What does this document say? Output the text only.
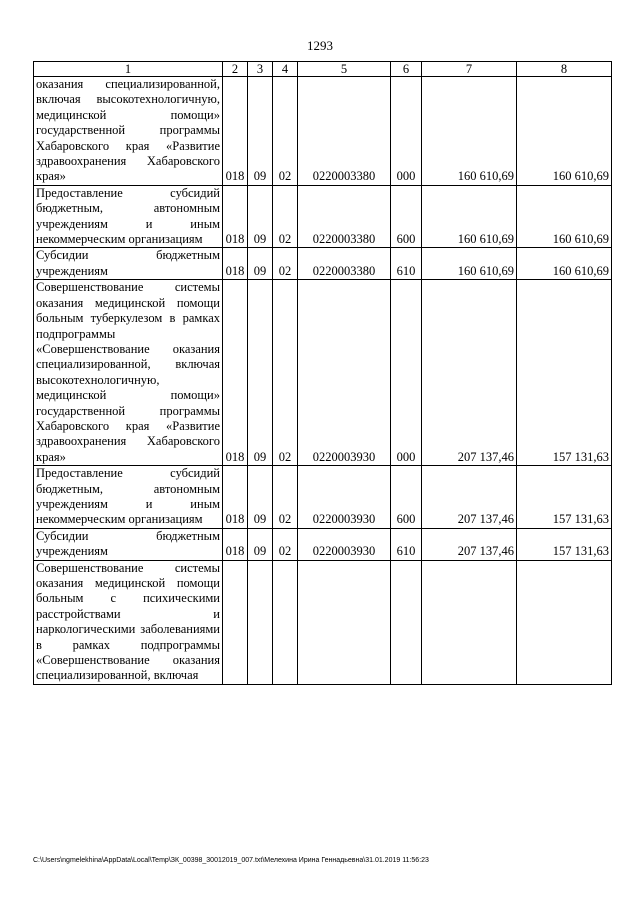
1293
1	2	3	4	5	6	7	8
оказания специализированной, включая высокотехнологичную, медицинской помощи» государственной программы Хабаровского края «Развитие здравоохранения Хабаровского края»	018	09	02	0220003380	000	160 610,69	160 610,69
Предоставление субсидий бюджетным, автономным учреждениям и иным некоммерческим организациям	018	09	02	0220003380	600	160 610,69	160 610,69
Субсидии бюджетным учреждениям	018	09	02	0220003380	610	160 610,69	160 610,69
Совершенствование системы оказания медицинской помощи больным туберкулезом в рамках подпрограммы «Совершенствование оказания специализированной, включая высокотехнологичную, медицинской помощи» государственной программы Хабаровского края «Развитие здравоохранения Хабаровского края»	018	09	02	0220003930	000	207 137,46	157 131,63
Предоставление субсидий бюджетным, автономным учреждениям и иным некоммерческим организациям	018	09	02	0220003930	600	207 137,46	157 131,63
Субсидии бюджетным учреждениям	018	09	02	0220003930	610	207 137,46	157 131,63
Совершенствование системы оказания медицинской помощи больным с психическими расстройствами и наркологическими заболеваниями в рамках подпрограммы «Совершенствование оказания специализированной, включая							
C:\Users\ngmelekhina\AppData\Local\Temp\ЗК_00398_30012019_007.txt\Мелехина Ирина Геннадьевна\31.01.2019 11:56:23
